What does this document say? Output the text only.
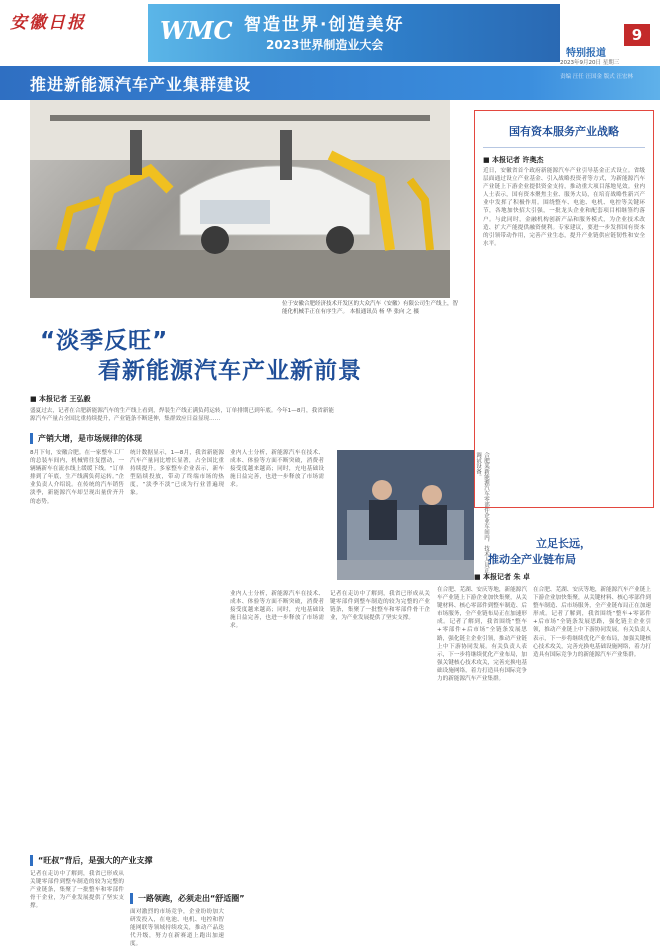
安徽日报	WMC 智造世界·创造美好
2023世界制造业大会
9
特别报道
2023年9月20日 星期三
推进新能源汽车产业集群建设	责编 汪任 汪国金 版式 汪宏林
位于安徽合肥经济技术开发区的大众汽车（安徽）有限公司生产线上，智能化机械手正在有序生产。 本报通讯员 杨 华 张向 之 摄
“淡季反旺”
看新能源汽车产业新前景
■ 本报记者 王弘毅
盛夏过去，记者在合肥新能源汽车的生产线上看到，焊装生产线正满负荷运转，订单排期已到年底。今年1—8月，我省新能源汽车产量占全国比重持续提升，产业链条不断延伸，集群效应日益显现……
产销大增，是市场规律的体现
8月下旬，安徽合肥。在一家整车工厂的总装车间内，机械臂往复摆动，一辆辆新车在流水线上缓缓下线。“订单排到了年底，生产线满负荷运转。”企业负责人介绍说。在传统的汽车销售淡季，新能源汽车却呈现出量价齐升的态势。
统计数据显示，1—8月，我省新能源汽车产量同比增长显著，占全国比重持续提升。多家整车企业表示，新车型陆续投放，带动了终端市场的热度，“淡季不淡”已成为行业普遍现象。
业内人士分析，新能源汽车在技术、成本、体验等方面不断突破，消费者接受度越来越高；同时，充电基础设施日益完善，也进一步释放了市场需求。
“旺叔”背后，是强大的产业支撑
记者在走访中了解到，我省已形成从关键零部件到整车制造的较为完整的产业链条，集聚了一批整车和零部件骨干企业，为产业发展提供了坚实支撑。
一路领跑，必须走出“舒适圈”
面对激烈的市场竞争，企业纷纷加大研发投入，在电池、电机、电控和智能网联等领域持续攻关，推动产品迭代升级，努力在新赛道上跑出加速度。
业内人士分析，新能源汽车在技术、成本、体验等方面不断突破，消费者接受度越来越高；同时，充电基础设施日益完善，也进一步释放了市场需求。
记者在走访中了解到，我省已形成从关键零部件到整车制造的较为完整的产业链条，集聚了一批整车和零部件骨干企业，为产业发展提供了坚实支撑。
合肥某新能源汽车零部件企业车间内，技术人员正在调试设备。
国有资本服务产业战略
■ 本报记者 许奥杰
近日，安徽省首个政府新能源汽车产业引导基金正式设立。省级层面通过设立产业基金、引入战略投资者等方式，为新能源汽车产业链上下游企业提供资金支持，推动重大项目落地见效。业内人士表示，国有资本聚焦主业、服务大局，在培育战略性新兴产业中发挥了积极作用。围绕整车、电池、电机、电控等关键环节，各地加快招大引强，一批龙头企业和配套项目相继签约落户。与此同时，金融机构创新产品和服务模式，为企业技术改造、扩大产能提供融资便利。专家建议，要进一步发挥国有资本的引领带动作用，完善产业生态，提升产业链供应链韧性和安全水平。
立足长远，
推动全产业链布局
■ 本报记者 朱 卓
在合肥、芜湖、安庆等地，新能源汽车产业链上下游企业加快集聚，从关键材料、核心零部件到整车制造、后市场服务，全产业链布局正在加速形成。记者了解到，我省围绕“整车+零部件+后市场”全链条发展思路，强化链主企业引领，推动产业链上中下游协同发展。有关负责人表示，下一步将继续优化产业布局，加强关键核心技术攻关，完善充换电基础设施网络，着力打造具有国际竞争力的新能源汽车产业集群。
在合肥、芜湖、安庆等地，新能源汽车产业链上下游企业加快集聚，从关键材料、核心零部件到整车制造、后市场服务，全产业链布局正在加速形成。记者了解到，我省围绕“整车+零部件+后市场”全链条发展思路，强化链主企业引领，推动产业链上中下游协同发展。有关负责人表示，下一步将继续优化产业布局，加强关键核心技术攻关，完善充换电基础设施网络，着力打造具有国际竞争力的新能源汽车产业集群。
